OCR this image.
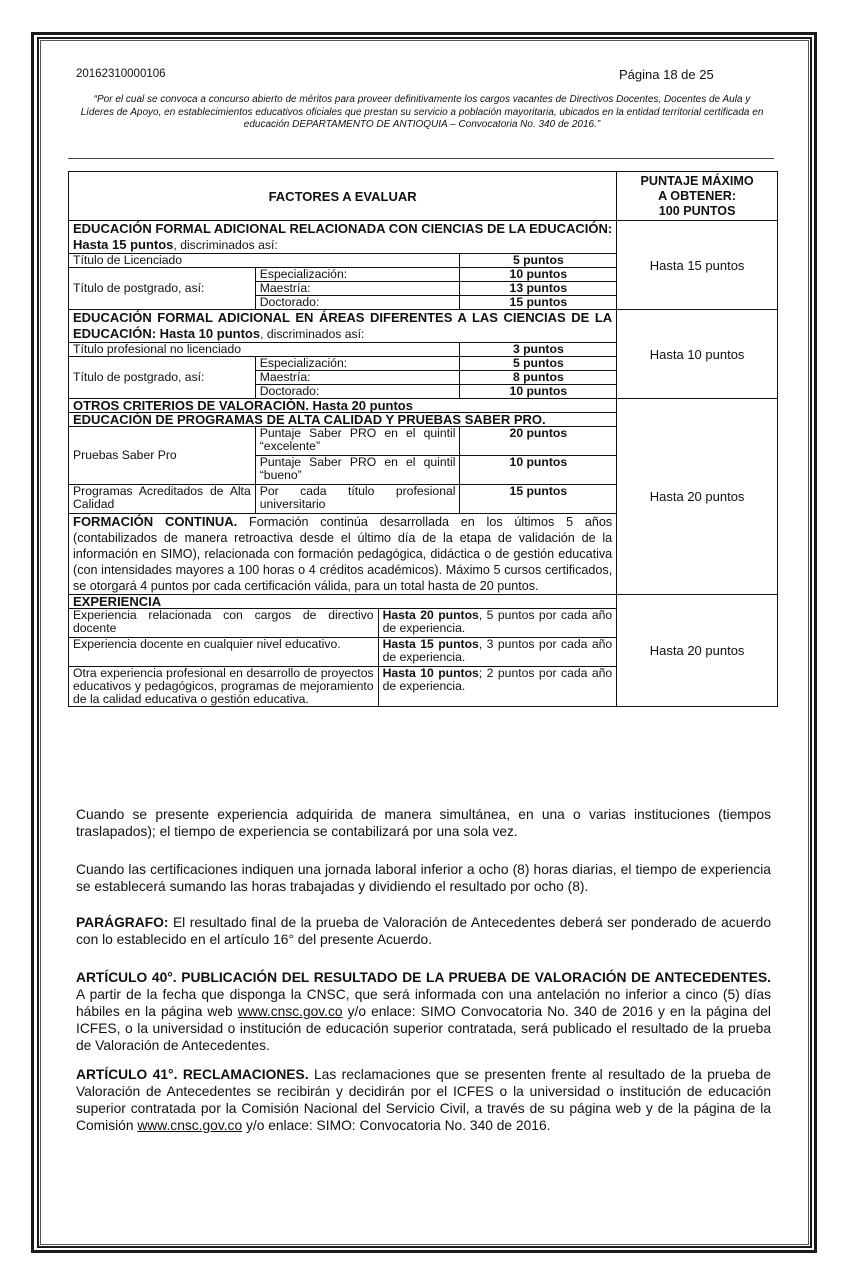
20162310000106	Página 18 de 25
“Por el cual se convoca a concurso abierto de méritos para proveer definitivamente los cargos vacantes de Directivos Docentes, Docentes de Aula y Líderes de Apoyo, en establecimientos educativos oficiales que prestan su servicio a población mayoritaria, ubicados en la entidad territorial certificada en educación DEPARTAMENTO DE ANTIOQUIA – Convocatoria No. 340 de 2016.”
FACTORES A EVALUAR				PUNTAJE MÁXIMO
A OBTENER:
100 PUNTOS

EDUCACIÓN FORMAL ADICIONAL RELACIONADA CON CIENCIAS DE LA EDUCACIÓN: Hasta 15 puntos, discriminados así:				Hasta 15 puntos
Título de Licenciado			5 puntos	
Título de postgrado, así:	Especialización:		10 puntos	
	Maestría:		13 puntos	
	Doctorado:		15 puntos	
EDUCACIÓN FORMAL ADICIONAL EN ÁREAS DIFERENTES A LAS CIENCIAS DE LA EDUCACIÓN: Hasta 10 puntos, discriminados así:				Hasta 10 puntos
Título profesional no licenciado			3 puntos	
Título de postgrado, así:	Especialización:		5 puntos	
	Maestría:		8 puntos	
	Doctorado:		10 puntos	
OTROS CRITERIOS DE VALORACIÓN. Hasta 20 puntos				Hasta 20 puntos
EDUCACIÓN DE PROGRAMAS DE ALTA CALIDAD Y PRUEBAS SABER PRO.				
Pruebas Saber Pro	Puntaje Saber PRO en el quintil “excelente”		20 puntos	
	Puntaje Saber PRO en el quintil “bueno”		10 puntos	
Programas Acreditados de Alta Calidad	Por cada título profesional universitario		15 puntos	
FORMACIÓN CONTINUA. Formación continúa desarrollada en los últimos 5 años (contabilizados de manera retroactiva desde el último día de la etapa de validación de la información en SIMO), relacionada con formación pedagógica, didáctica o de gestión educativa (con intensidades mayores a 100 horas o 4 créditos académicos). Máximo 5 cursos certificados, se otorgará 4 puntos por cada certificación válida, para un total hasta de 20 puntos.				
EXPERIENCIA				Hasta 20 puntos
Experiencia relacionada con cargos de directivo docente		Hasta 20 puntos, 5 puntos por cada año de experiencia.		
Experiencia docente en cualquier nivel educativo.		Hasta 15 puntos, 3 puntos por cada año de experiencia.		
Otra experiencia profesional en desarrollo de proyectos educativos y pedagógicos, programas de mejoramiento de la calidad educativa o gestión educativa.		Hasta 10 puntos; 2 puntos por cada año de experiencia.		
Cuando se presente experiencia adquirida de manera simultánea, en una o varias instituciones (tiempos traslapados); el tiempo de experiencia se contabilizará por una sola vez.
Cuando las certificaciones indiquen una jornada laboral inferior a ocho (8) horas diarias, el tiempo de experiencia se establecerá sumando las horas trabajadas y dividiendo el resultado por ocho (8).
PARÁGRAFO: El resultado final de la prueba de Valoración de Antecedentes deberá ser ponderado de acuerdo con lo establecido en el artículo 16° del presente Acuerdo.
ARTÍCULO 40°. PUBLICACIÓN DEL RESULTADO DE LA PRUEBA DE VALORACIÓN DE ANTECEDENTES. A partir de la fecha que disponga la CNSC, que será informada con una antelación no inferior a cinco (5) días hábiles en la página web www.cnsc.gov.co y/o enlace: SIMO Convocatoria No. 340 de 2016 y en la página del ICFES, o la universidad o institución de educación superior contratada, será publicado el resultado de la prueba de Valoración de Antecedentes.
ARTÍCULO 41°. RECLAMACIONES. Las reclamaciones que se presenten frente al resultado de la prueba de Valoración de Antecedentes se recibirán y decidirán por el ICFES o la universidad o institución de educación superior contratada por la Comisión Nacional del Servicio Civil, a través de su página web y de la página de la Comisión www.cnsc.gov.co y/o enlace: SIMO: Convocatoria No. 340 de 2016.
